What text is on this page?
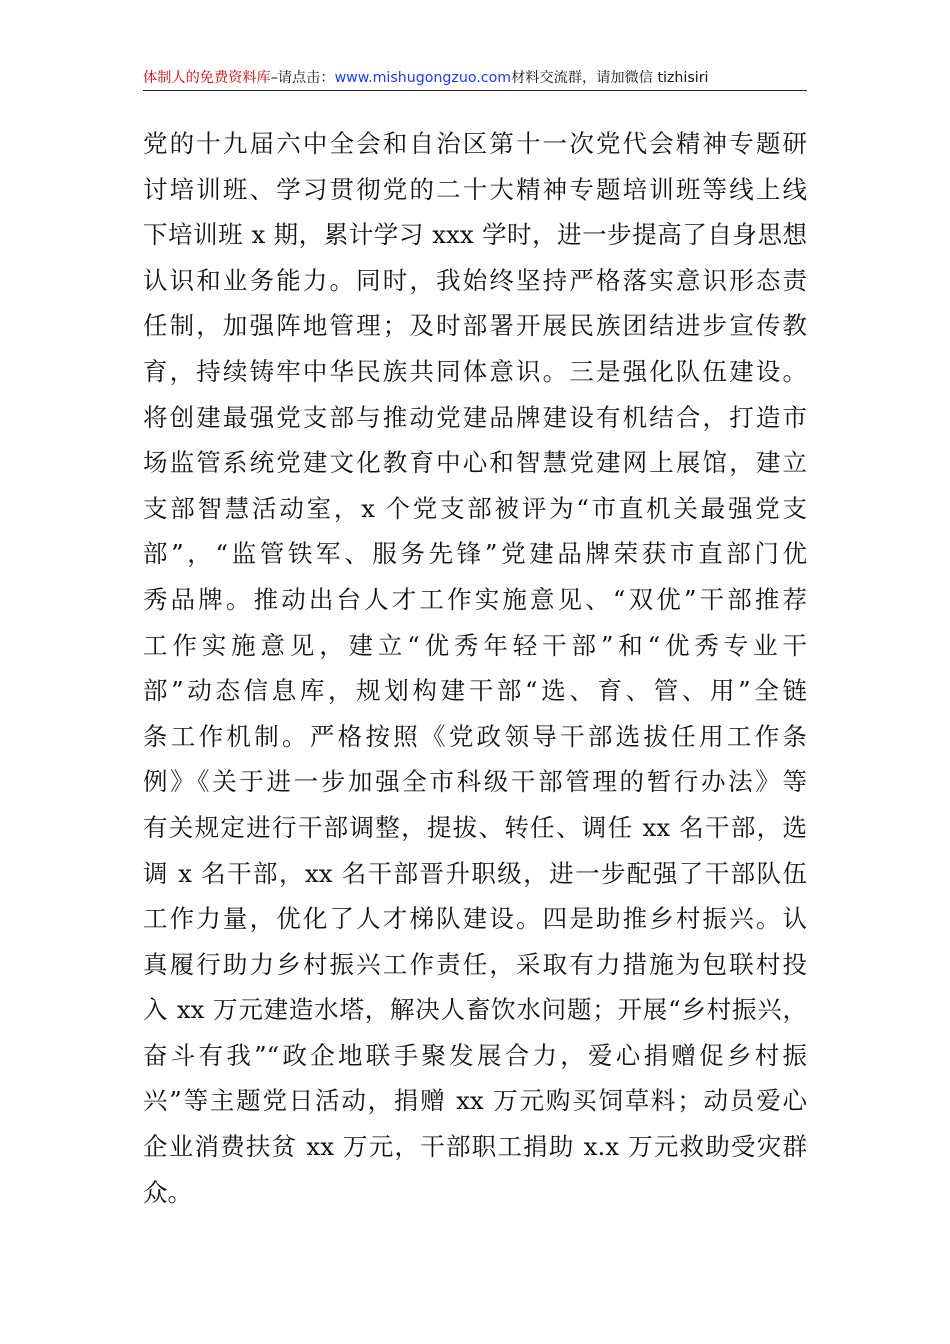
体制人的免费资料库–请点击：www.mishugongzuo.com材料交流群，请加微信 tizhisiri
党的十九届六中全会和自治区第十一次党代会精神专题研
讨培训班、学习贯彻党的二十大精神专题培训班等线上线
下培训班 x 期，累计学习 xxx 学时，进一步提高了自身思想
认识和业务能力。同时，我始终坚持严格落实意识形态责
任制，加强阵地管理；及时部署开展民族团结进步宣传教
育，持续铸牢中华民族共同体意识。三是强化队伍建设。
将创建最强党支部与推动党建品牌建设有机结合，打造市
场监管系统党建文化教育中心和智慧党建网上展馆，建立
支部智慧活动室，x 个党支部被评为“市直机关最强党支
部”，“监管铁军、服务先锋”党建品牌荣获市直部门优
秀品牌。推动出台人才工作实施意见、“双优”干部推荐
工作实施意见，建立“优秀年轻干部”和“优秀专业干
部”动态信息库，规划构建干部“选、育、管、用”全链
条工作机制。严格按照《党政领导干部选拔任用工作条
例》《关于进一步加强全市科级干部管理的暂行办法》等
有关规定进行干部调整，提拔、转任、调任 xx 名干部，选
调 x 名干部，xx 名干部晋升职级，进一步配强了干部队伍
工作力量，优化了人才梯队建设。四是助推乡村振兴。认
真履行助力乡村振兴工作责任，采取有力措施为包联村投
入 xx 万元建造水塔，解决人畜饮水问题；开展“乡村振兴，
奋斗有我”“政企地联手聚发展合力，爱心捐赠促乡村振
兴”等主题党日活动，捐赠 xx 万元购买饲草料；动员爱心
企业消费扶贫 xx 万元，干部职工捐助 x.x 万元救助受灾群
众。
